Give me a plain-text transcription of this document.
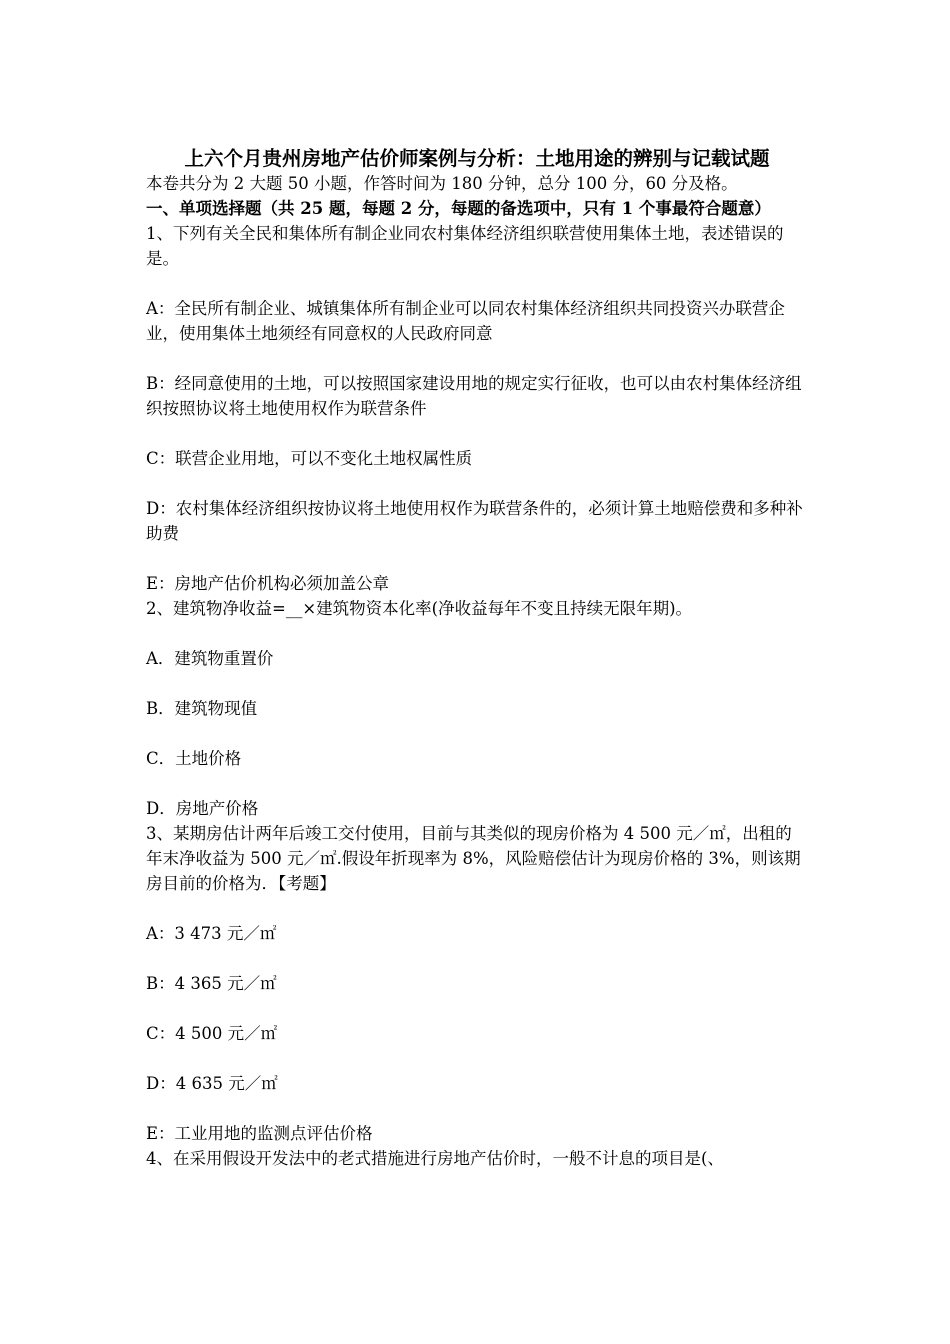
上六个月贵州房地产估价师案例与分析：土地用途的辨别与记载试题

本卷共分为 2 大题 50 小题，作答时间为 180 分钟，总分 100 分，60 分及格。

一、单项选择题（共 25 题，每题 2 分，每题的备选项中，只有 1 个事最符合题意）

1、下列有关全民和集体所有制企业同农村集体经济组织联营使用集体土地，表述错误的是。

A：全民所有制企业、城镇集体所有制企业可以同农村集体经济组织共同投资兴办联营企业，使用集体土地须经有同意权的人民政府同意

B：经同意使用的土地，可以按照国家建设用地的规定实行征收，也可以由农村集体经济组织按照协议将土地使用权作为联营条件

C：联营企业用地，可以不变化土地权属性质

D：农村集体经济组织按协议将土地使用权作为联营条件的，必须计算土地赔偿费和多种补助费

E：房地产估价机构必须加盖公章

2、建筑物净收益=__×建筑物资本化率(净收益每年不变且持续无限年期)。

A．建筑物重置价

B．建筑物现值

C．土地价格

D．房地产价格

3、某期房估计两年后竣工交付使用，目前与其类似的现房价格为 4 500 元／㎡，出租的年末净收益为 500 元／㎡.假设年折现率为 8%，风险赔偿估计为现房价格的 3%，则该期房目前的价格为．【考题】

A：3 473 元／㎡

B：4 365 元／㎡

C：4 500 元／㎡

D：4 635 元／㎡

E：工业用地的监测点评估价格

4、在采用假设开发法中的老式措施进行房地产估价时，一般不计息的项目是(、
